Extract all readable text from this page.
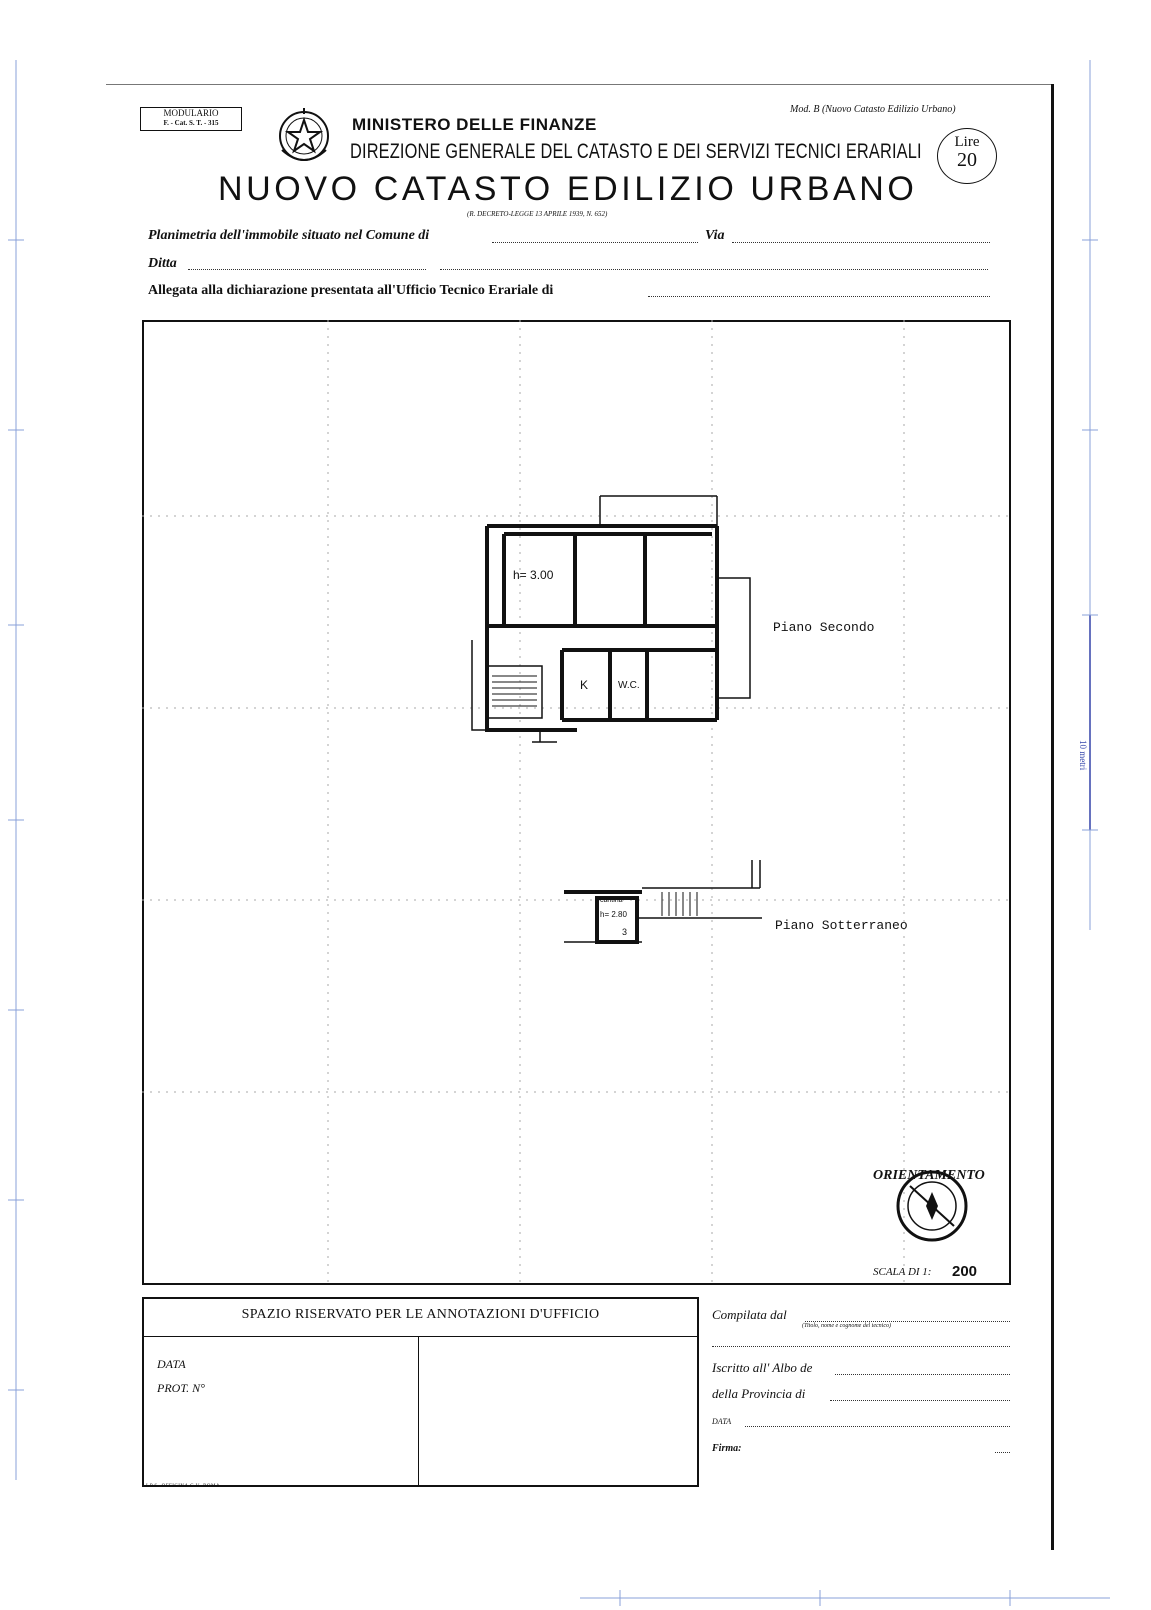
10 metri
MODULARIO
F. - Cat. S. T. - 315
Mod. B (Nuovo Catasto Edilizio Urbano)
MINISTERO DELLE FINANZE
DIREZIONE GENERALE DEL CATASTO E DEI SERVIZI TECNICI ERARIALI	Lire
20
NUOVO CATASTO EDILIZIO URBANO
(R. DECRETO-LEGGE 13 APRILE 1939, N. 652)
Planimetria dell'immobile situato nel Comune di	Via
Ditta
Allegata alla dichiarazione presentata all'Ufficio Tecnico Erariale di
h= 3.00
K	W.C.
Piano Secondo
cantina
h= 2.80
3	Piano Sotterraneo
ORIENTAMENTO
SCALA DI 1: 200
SPAZIO RISERVATO PER LE ANNOTAZIONI D'UFFICIO
DATA
PROT. N°
I.P.S.-OFFICINA C.V.-ROMA
Compilata dal
(Titolo, nome e cognome del tecnico)
Iscritto all' Albo de
della Provincia di
DATA
Firma:
